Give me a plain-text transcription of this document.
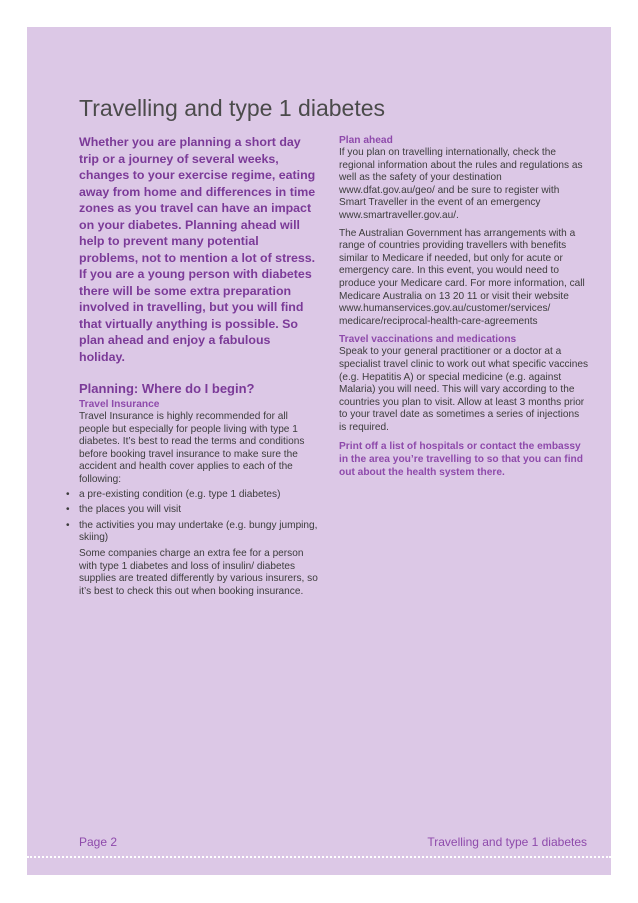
Travelling and type 1 diabetes

Whether you are planning a short day trip or a journey of several weeks, changes to your exercise regime, eating away from home and differences in time zones as you travel can have an impact on your diabetes. Planning ahead will help to prevent many potential problems, not to mention a lot of stress. If you are a young person with diabetes there will be some extra preparation involved in travelling, but you will find that virtually anything is possible. So plan ahead and enjoy a fabulous holiday.

Planning: Where do I begin?
Travel Insurance

Travel Insurance is highly recommended for all people but especially for people living with type 1 diabetes. It’s best to read the terms and conditions before booking travel insurance to make sure the accident and health cover applies to each of the following:

• a pre-existing condition (e.g. type 1 diabetes)
• the places you will visit
• the activities you may undertake (e.g. bungy jumping, skiing)

Some companies charge an extra fee for a person with type 1 diabetes and loss of insulin/ diabetes supplies are treated differently by various insurers, so it’s best to check this out when booking insurance.

Plan ahead

If you plan on travelling internationally, check the regional information about the rules and regulations as well as the safety of your destination www.dfat.gov.au/geo/ and be sure to register with Smart Traveller in the event of an emergency www.smartraveller.gov.au/.

The Australian Government has arrangements with a range of countries providing travellers with benefits similar to Medicare if needed, but only for acute or emergency care. In this event, you would need to produce your Medicare card. For more information, call Medicare Australia on 13 20 11 or visit their website www.humanservices.gov.au/customer/services/ medicare/reciprocal-health-care-agreements

Travel vaccinations and medications

Speak to your general practitioner or a doctor at a specialist travel clinic to work out what specific vaccines (e.g. Hepatitis A) or special medicine (e.g. against Malaria) you will need. This will vary according to the countries you plan to visit. Allow at least 3 months prior to your travel date as sometimes a series of injections is required.

Print off a list of hospitals or contact the embassy in the area you’re travelling to so that you can find out about the health system there.

Page 2	Travelling and type 1 diabetes
